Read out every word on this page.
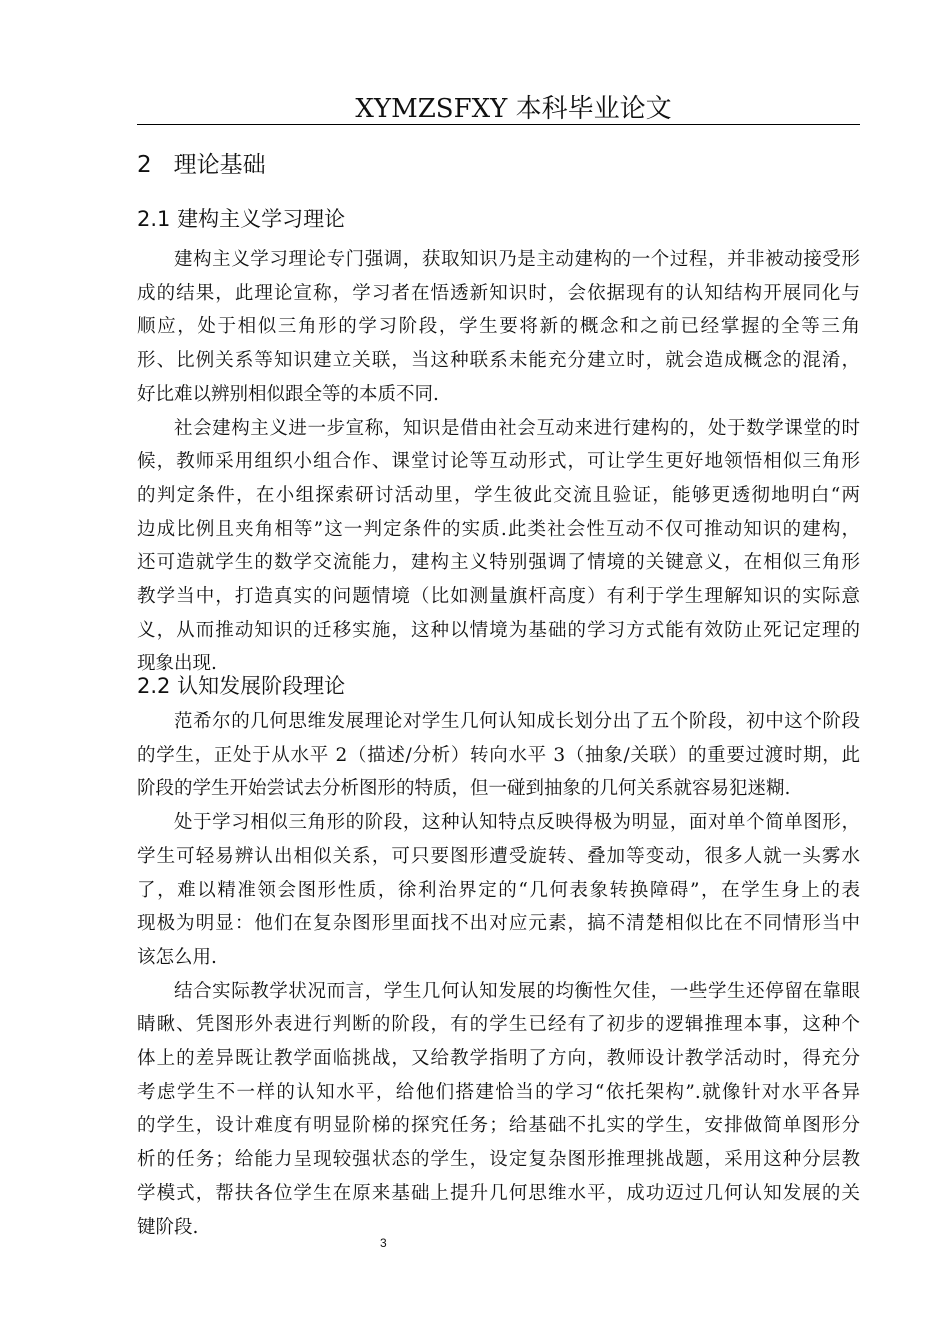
XYMZSFXY 本科毕业论文
2   理论基础
2.1 建构主义学习理论
建构主义学习理论专门强调，获取知识乃是主动建构的一个过程，并非被动接受形
成的结果，此理论宣称，学习者在悟透新知识时，会依据现有的认知结构开展同化与
顺应，处于相似三角形的学习阶段，学生要将新的概念和之前已经掌握的全等三角
形、比例关系等知识建立关联，当这种联系未能充分建立时，就会造成概念的混淆，
好比难以辨别相似跟全等的本质不同.
社会建构主义进一步宣称，知识是借由社会互动来进行建构的，处于数学课堂的时
候，教师采用组织小组合作、课堂讨论等互动形式，可让学生更好地领悟相似三角形
的判定条件，在小组探索研讨活动里，学生彼此交流且验证，能够更透彻地明白“两
边成比例且夹角相等”这一判定条件的实质.此类社会性互动不仅可推动知识的建构，
还可造就学生的数学交流能力，建构主义特别强调了情境的关键意义，在相似三角形
教学当中，打造真实的问题情境（比如测量旗杆高度）有利于学生理解知识的实际意
义，从而推动知识的迁移实施，这种以情境为基础的学习方式能有效防止死记定理的
现象出现.
2.2 认知发展阶段理论
范希尔的几何思维发展理论对学生几何认知成长划分出了五个阶段，初中这个阶段
的学生，正处于从水平 2（描述/分析）转向水平 3（抽象/关联）的重要过渡时期，此
阶段的学生开始尝试去分析图形的特质，但一碰到抽象的几何关系就容易犯迷糊.
处于学习相似三角形的阶段，这种认知特点反映得极为明显，面对单个简单图形，
学生可轻易辨认出相似关系，可只要图形遭受旋转、叠加等变动，很多人就一头雾水
了，难以精准领会图形性质，徐利治界定的“几何表象转换障碍”，在学生身上的表
现极为明显：他们在复杂图形里面找不出对应元素，搞不清楚相似比在不同情形当中
该怎么用.
结合实际教学状况而言，学生几何认知发展的均衡性欠佳，一些学生还停留在靠眼
睛瞅、凭图形外表进行判断的阶段，有的学生已经有了初步的逻辑推理本事，这种个
体上的差异既让教学面临挑战，又给教学指明了方向，教师设计教学活动时，得充分
考虑学生不一样的认知水平，给他们搭建恰当的学习“依托架构”.就像针对水平各异
的学生，设计难度有明显阶梯的探究任务；给基础不扎实的学生，安排做简单图形分
析的任务；给能力呈现较强状态的学生，设定复杂图形推理挑战题，采用这种分层教
学模式，帮扶各位学生在原来基础上提升几何思维水平，成功迈过几何认知发展的关
键阶段.
3
